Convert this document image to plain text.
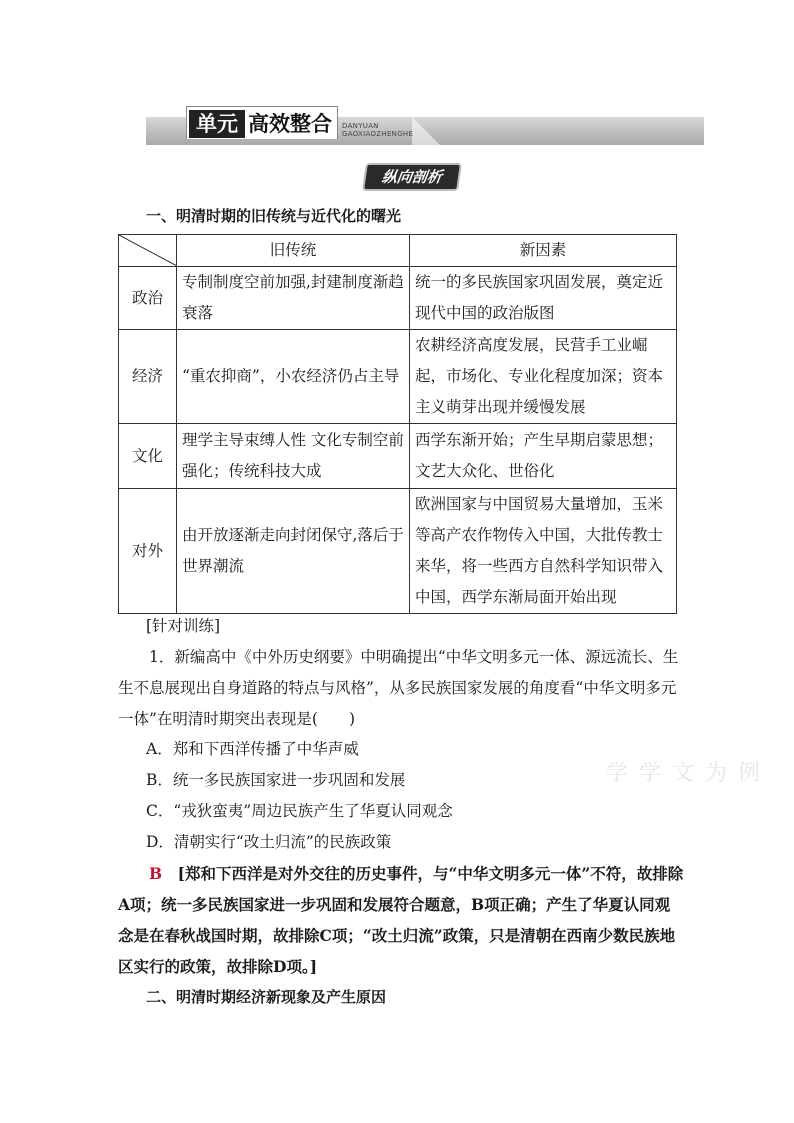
单元 高效整合 DANYUAN
GAOXIAOZHENGHE
纵向剖析
一、明清时期的旧传统与近代化的曙光
	旧传统	新因素
政治	专制制度空前加强,封建制度渐趋衰落	统一的多民族国家巩固发展，奠定近现代中国的政治版图
经济	“重农抑商”，小农经济仍占主导	农耕经济高度发展，民营手工业崛起，市场化、专业化程度加深；资本主义萌芽出现并缓慢发展
文化	理学主导束缚人性 文化专制空前强化；传统科技大成	西学东渐开始；产生早期启蒙思想；文艺大众化、世俗化
对外	由开放逐渐走向封闭保守,落后于世界潮流	欧洲国家与中国贸易大量增加，玉米等高产农作物传入中国，大批传教士来华，将一些西方自然科学知识带入中国，西学东渐局面开始出现

[针对训练]

1．新编高中《中外历史纲要》中明确提出“中华文明多元一体、源远流长、生生不息展现出自身道路的特点与风格”，从多民族国家发展的角度看“中华文明多元一体”在明清时期突出表现是(　　)

A．郑和下西洋传播了中华声威

B．统一多民族国家进一步巩固和发展

C．“戎狄蛮夷”周边民族产生了华夏认同观念

D．清朝实行“改土归流”的民族政策

B　 [郑和下西洋是对外交往的历史事件，与“中华文明多元一体”不符，故排除A项；统一多民族国家进一步巩固和发展符合题意，B项正确；产生了华夏认同观念是在春秋战国时期，故排除C项；“改土归流”政策，只是清朝在西南少数民族地区实行的政策，故排除D项。]

二、明清时期经济新现象及产生原因
学 学 文 为 例
